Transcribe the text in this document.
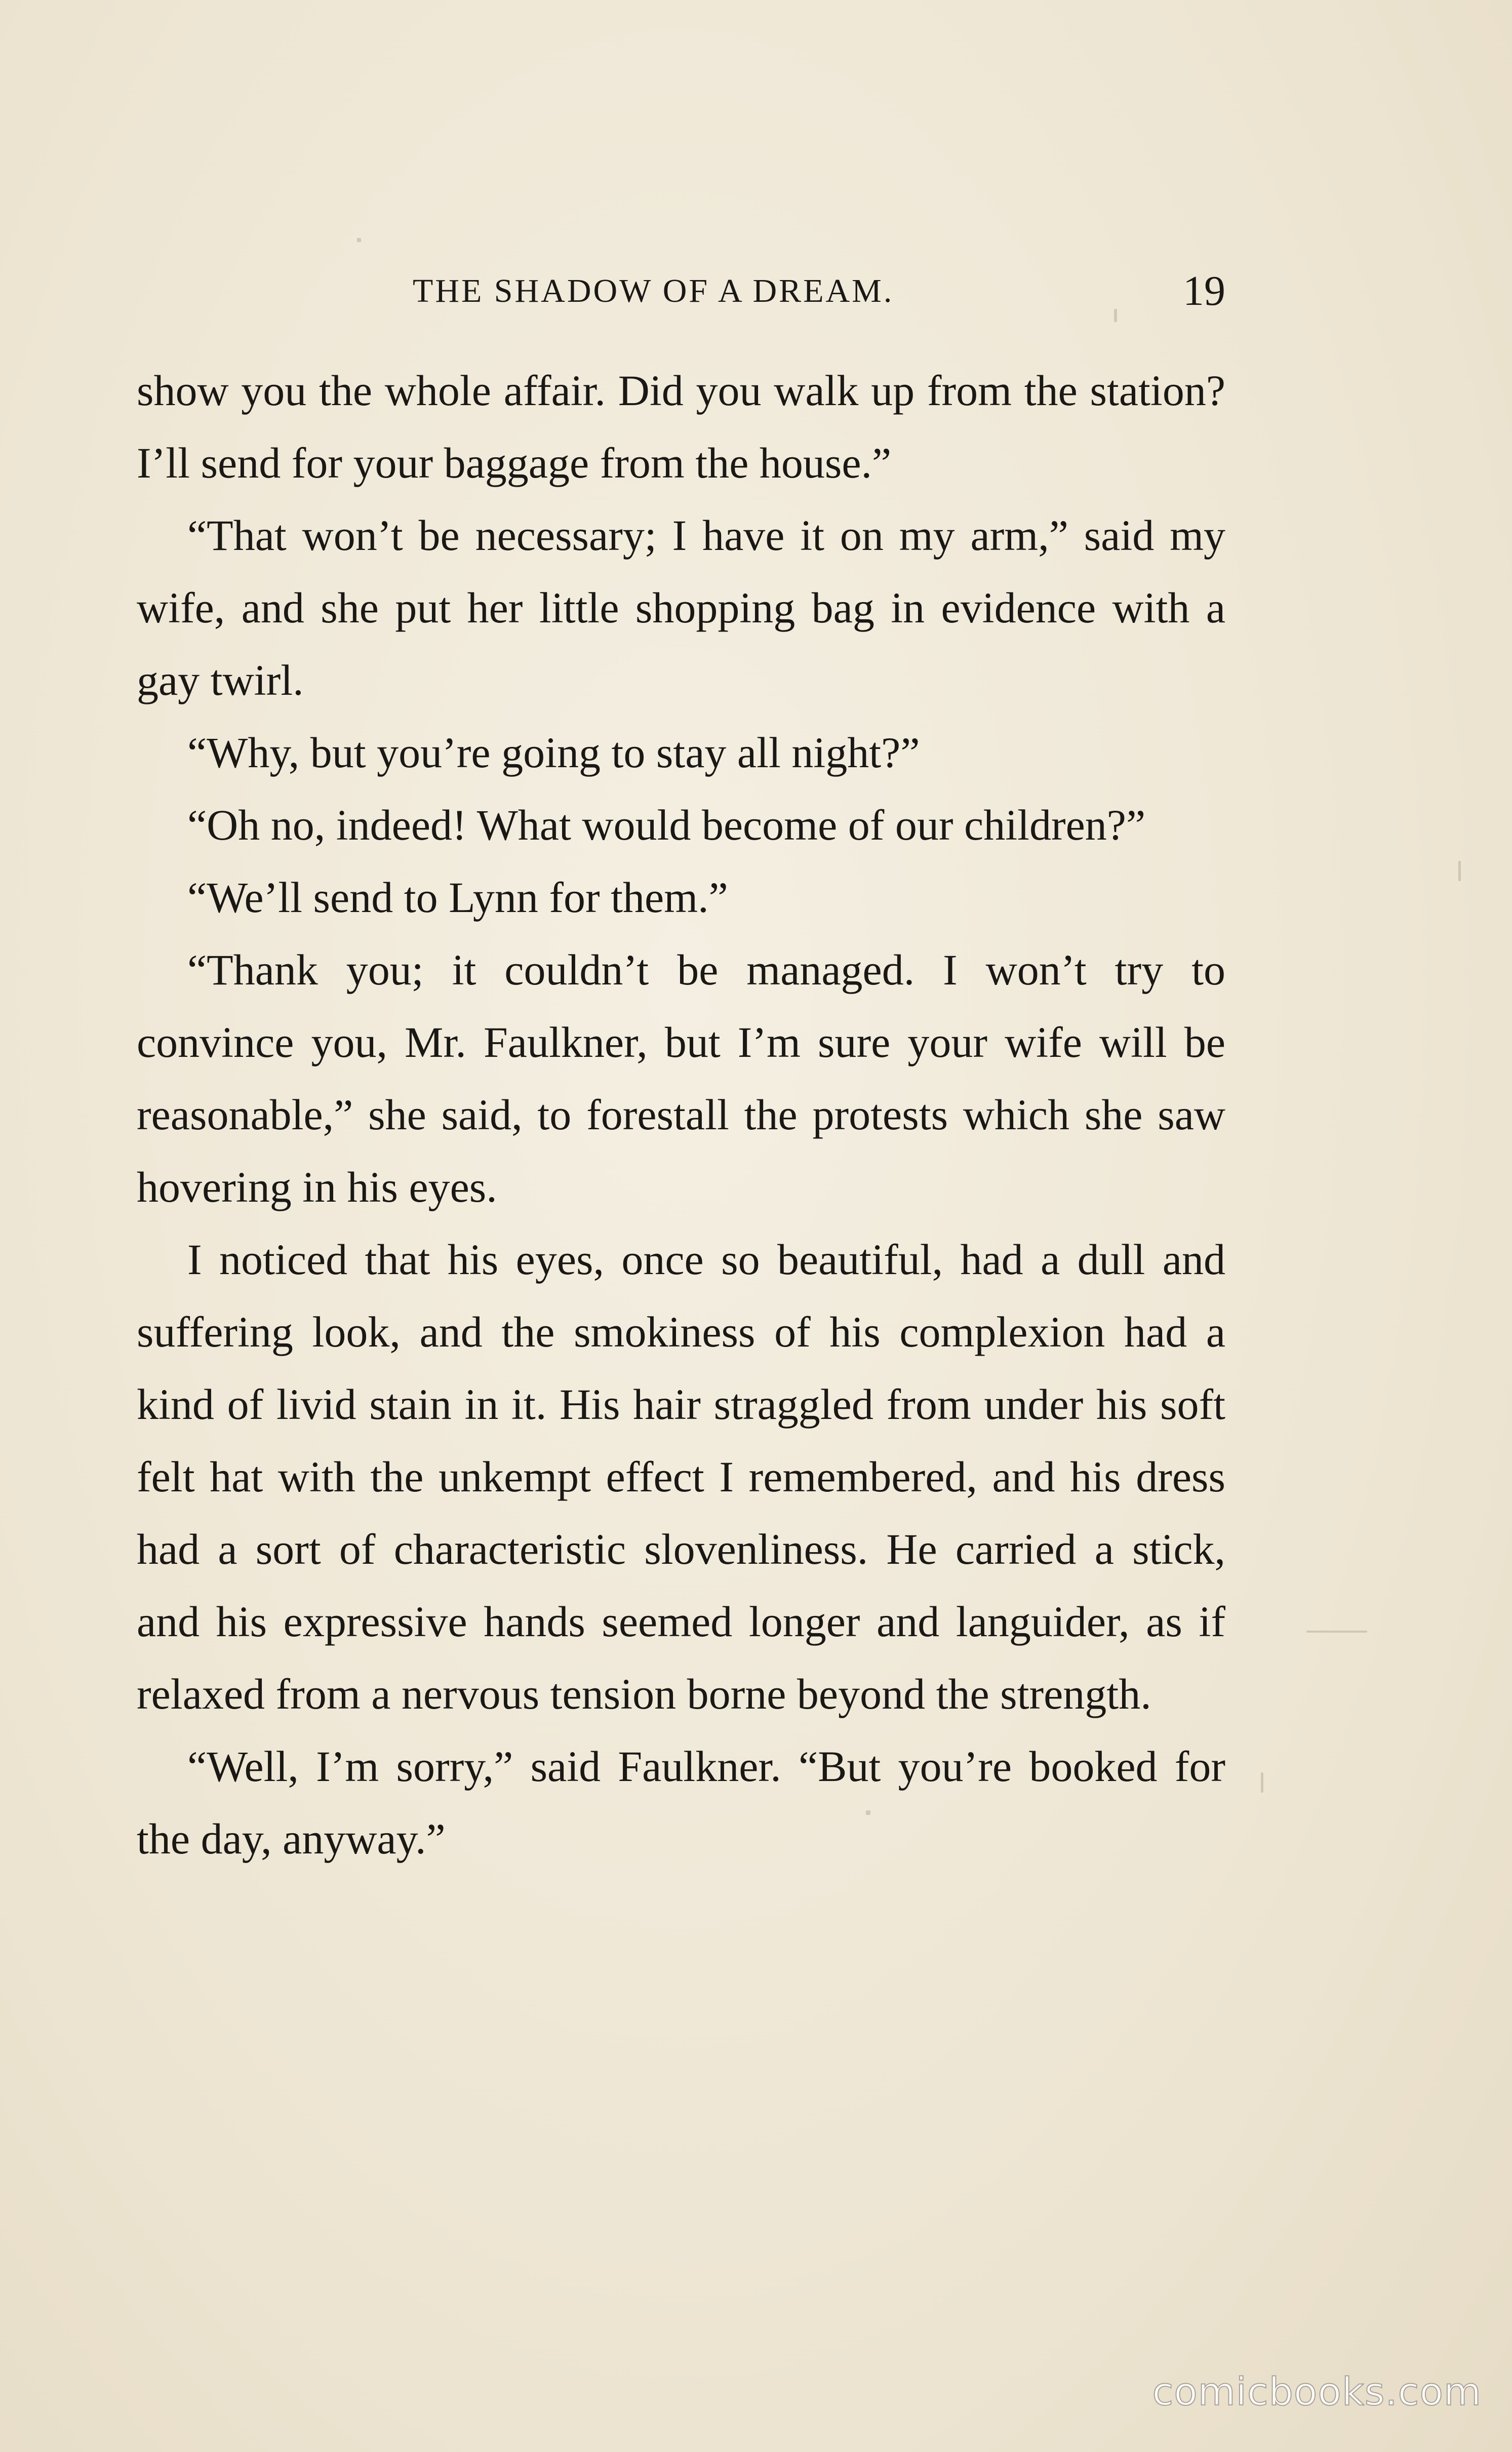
THE SHADOW OF A DREAM.	19

show you the whole affair. Did you walk up from the station? I’ll send for your baggage from the house.”

“That won’t be necessary; I have it on my arm,” said my wife, and she put her little shopping bag in evidence with a gay twirl.

“Why, but you’re going to stay all night?”

“Oh no, indeed! What would become of our children?”

“We’ll send to Lynn for them.”

“Thank you; it couldn’t be managed. I won’t try to convince you, Mr. Faulkner, but I’m sure your wife will be reasonable,” she said, to forestall the protests which she saw hovering in his eyes.

I noticed that his eyes, once so beautiful, had a dull and suffering look, and the smokiness of his complexion had a kind of livid stain in it. His hair straggled from under his soft felt hat with the unkempt effect I remembered, and his dress had a sort of characteristic slovenliness. He carried a stick, and his expressive hands seemed longer and languider, as if relaxed from a nervous tension borne beyond the strength.

“Well, I’m sorry,” said Faulkner. “But you’re booked for the day, anyway.”

comicbooks.com
